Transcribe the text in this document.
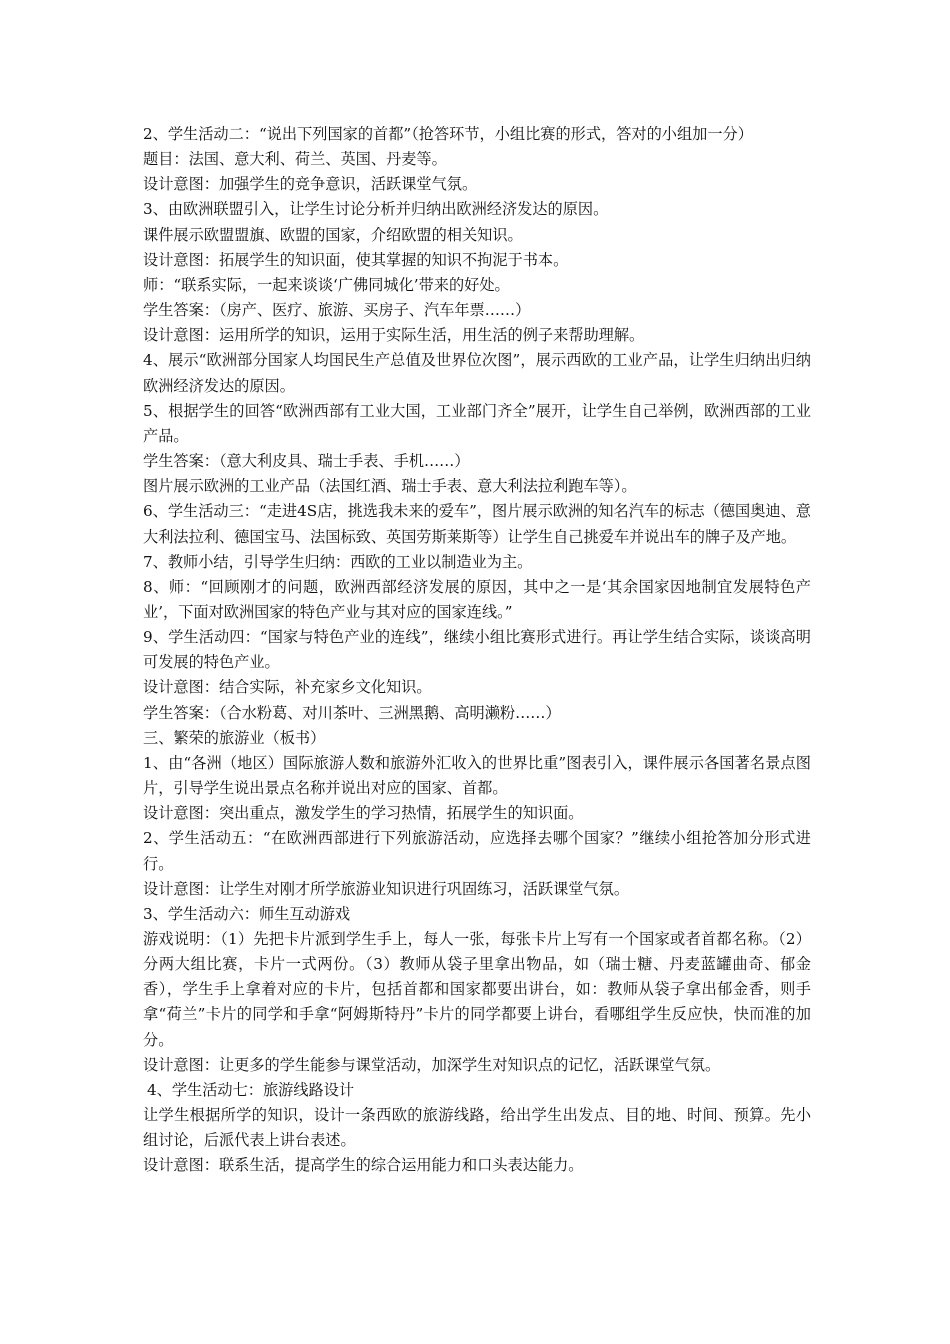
2、学生活动二：“说出下列国家的首都”（抢答环节，小组比赛的形式，答对的小组加一分）

题目：法国、意大利、荷兰、英国、丹麦等。

设计意图：加强学生的竞争意识，活跃课堂气氛。

3、由欧洲联盟引入，让学生讨论分析并归纳出欧洲经济发达的原因。

课件展示欧盟盟旗、欧盟的国家，介绍欧盟的相关知识。

设计意图：拓展学生的知识面，使其掌握的知识不拘泥于书本。

师：“联系实际，一起来谈谈‘广佛同城化’带来的好处。

学生答案：（房产、医疗、旅游、买房子、汽车年票……）

设计意图：运用所学的知识，运用于实际生活，用生活的例子来帮助理解。

4、展示“欧洲部分国家人均国民生产总值及世界位次图”，展示西欧的工业产品，让学生归纳出归纳欧洲经济发达的原因。

5、根据学生的回答“欧洲西部有工业大国，工业部门齐全”展开，让学生自己举例，欧洲西部的工业产品。

学生答案：（意大利皮具、瑞士手表、手机……）

图片展示欧洲的工业产品（法国红酒、瑞士手表、意大利法拉利跑车等）。

6、学生活动三：“走进4S店，挑选我未来的爱车”，图片展示欧洲的知名汽车的标志（德国奥迪、意大利法拉利、德国宝马、法国标致、英国劳斯莱斯等）让学生自己挑爱车并说出车的牌子及产地。

7、教师小结，引导学生归纳：西欧的工业以制造业为主。

8、师：“回顾刚才的问题，欧洲西部经济发展的原因，其中之一是‘其余国家因地制宜发展特色产业’，下面对欧洲国家的特色产业与其对应的国家连线。”

9、学生活动四：“国家与特色产业的连线”，继续小组比赛形式进行。再让学生结合实际，谈谈高明可发展的特色产业。

设计意图：结合实际，补充家乡文化知识。

学生答案：（合水粉葛、对川茶叶、三洲黑鹅、高明濑粉……）

三、繁荣的旅游业（板书）

1、由“各洲（地区）国际旅游人数和旅游外汇收入的世界比重”图表引入，课件展示各国著名景点图片，引导学生说出景点名称并说出对应的国家、首都。

设计意图：突出重点，激发学生的学习热情，拓展学生的知识面。

2、学生活动五：“在欧洲西部进行下列旅游活动，应选择去哪个国家？”继续小组抢答加分形式进行。

设计意图：让学生对刚才所学旅游业知识进行巩固练习，活跃课堂气氛。

3、学生活动六：师生互动游戏

游戏说明：（1）先把卡片派到学生手上，每人一张，每张卡片上写有一个国家或者首都名称。（2）分两大组比赛，卡片一式两份。（3）教师从袋子里拿出物品，如（瑞士糖、丹麦蓝罐曲奇、郁金香），学生手上拿着对应的卡片，包括首都和国家都要出讲台，如：教师从袋子拿出郁金香，则手拿“荷兰”卡片的同学和手拿“阿姆斯特丹”卡片的同学都要上讲台，看哪组学生反应快，快而准的加分。

设计意图：让更多的学生能参与课堂活动，加深学生对知识点的记忆，活跃课堂气氛。

4、学生活动七：旅游线路设计

让学生根据所学的知识，设计一条西欧的旅游线路，给出学生出发点、目的地、时间、预算。先小组讨论，后派代表上讲台表述。

设计意图：联系生活，提高学生的综合运用能力和口头表达能力。
